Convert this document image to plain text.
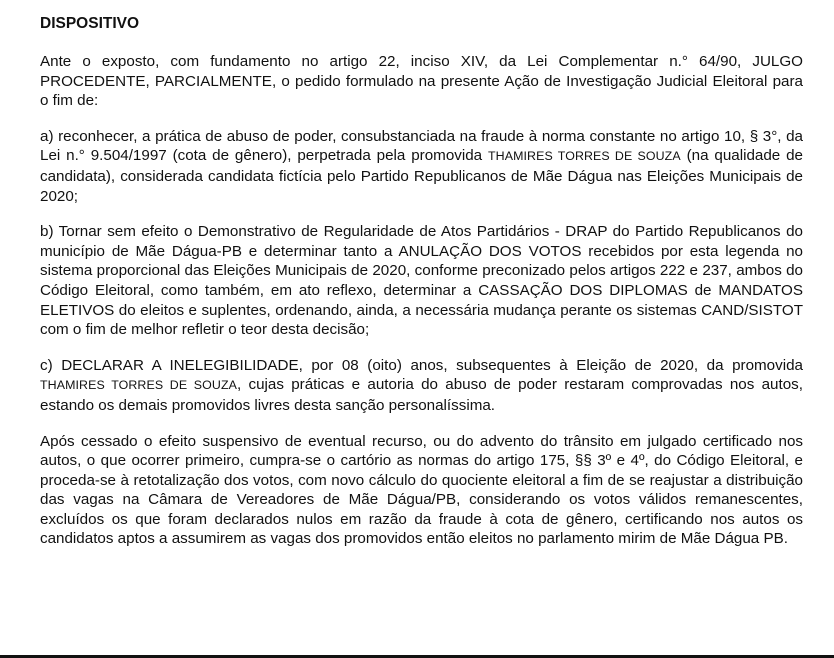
DISPOSITIVO

Ante o exposto, com fundamento no artigo 22, inciso XIV, da Lei Complementar n.° 64/90, JULGO PROCEDENTE, PARCIALMENTE, o pedido formulado na presente Ação de Investigação Judicial Eleitoral para o fim de:

a) reconhecer, a prática de abuso de poder, consubstanciada na fraude à norma constante no artigo 10, § 3°, da Lei n.° 9.504/1997 (cota de gênero), perpetrada pela promovida THAMIRES TORRES DE SOUZA (na qualidade de candidata), considerada candidata fictícia pelo Partido Republicanos de Mãe Dágua nas Eleições Municipais de 2020;

b) Tornar sem efeito o Demonstrativo de Regularidade de Atos Partidários - DRAP do Partido Republicanos do município de Mãe Dágua-PB e determinar tanto a ANULAÇÃO DOS VOTOS recebidos por esta legenda no sistema proporcional das Eleições Municipais de 2020, conforme preconizado pelos artigos 222 e 237, ambos do Código Eleitoral, como também, em ato reflexo, determinar a CASSAÇÃO DOS DIPLOMAS de MANDATOS ELETIVOS do eleitos e suplentes, ordenando, ainda, a necessária mudança perante os sistemas CAND/SISTOT com o fim de melhor refletir o teor desta decisão;

c) DECLARAR A INELEGIBILIDADE, por 08 (oito) anos, subsequentes à Eleição de 2020, da promovida THAMIRES TORRES DE SOUZA, cujas práticas e autoria do abuso de poder restaram comprovadas nos autos, estando os demais promovidos livres desta sanção personalíssima.

Após cessado o efeito suspensivo de eventual recurso, ou do advento do trânsito em julgado certificado nos autos, o que ocorrer primeiro, cumpra-se o cartório as normas do artigo 175, §§ 3º e 4º, do Código Eleitoral, e proceda-se à retotalização dos votos, com novo cálculo do quociente eleitoral a fim de se reajustar a distribuição das vagas na Câmara de Vereadores de Mãe Dágua/PB, considerando os votos válidos remanescentes, excluídos os que foram declarados nulos em razão da fraude à cota de gênero, certificando nos autos os candidatos aptos a assumirem as vagas dos promovidos então eleitos no parlamento mirim de Mãe Dágua PB.
